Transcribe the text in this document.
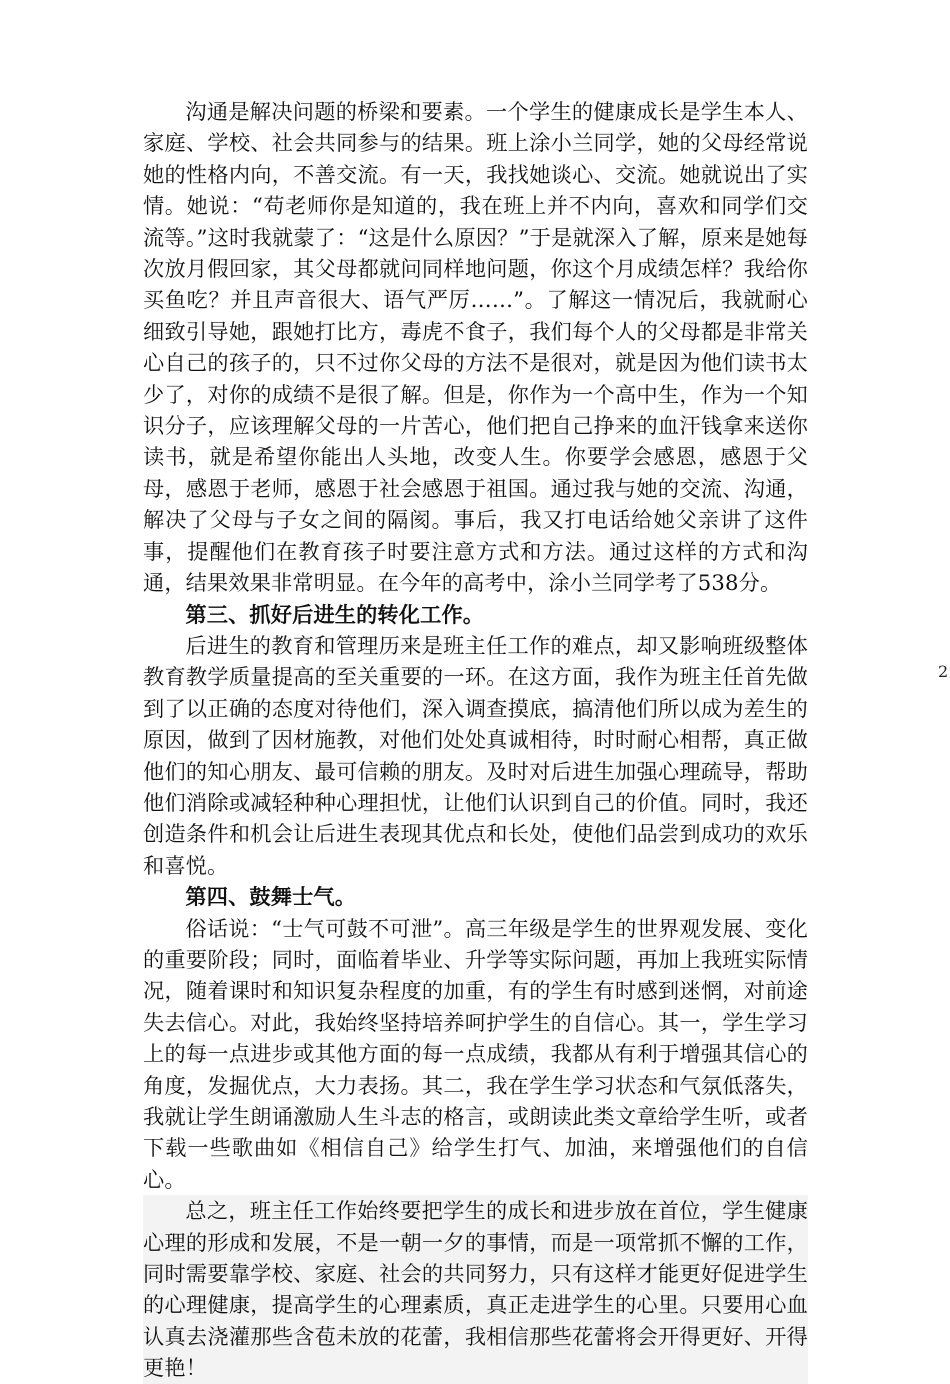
沟通是解决问题的桥梁和要素。一个学生的健康成长是学生本人、家庭、学校、社会共同参与的结果。班上涂小兰同学，她的父母经常说她的性格内向，不善交流。有一天，我找她谈心、交流。她就说出了实情。她说：“苟老师你是知道的，我在班上并不内向，喜欢和同学们交流等。”这时我就蒙了：“这是什么原因？”于是就深入了解，原来是她每次放月假回家，其父母都就问同样地问题，你这个月成绩怎样？我给你买鱼吃？并且声音很大、语气严厉……”。了解这一情况后，我就耐心细致引导她，跟她打比方，毒虎不食子，我们每个人的父母都是非常关心自己的孩子的，只不过你父母的方法不是很对，就是因为他们读书太少了，对你的成绩不是很了解。但是，你作为一个高中生，作为一个知识分子，应该理解父母的一片苦心，他们把自己挣来的血汗钱拿来送你读书，就是希望你能出人头地，改变人生。你要学会感恩，感恩于父母，感恩于老师，感恩于社会感恩于祖国。通过我与她的交流、沟通，解决了父母与子女之间的隔阂。事后，我又打电话给她父亲讲了这件事，提醒他们在教育孩子时要注意方式和方法。通过这样的方式和沟通，结果效果非常明显。在今年的高考中，涂小兰同学考了538分。

第三、抓好后进生的转化工作。

后进生的教育和管理历来是班主任工作的难点，却又影响班级整体教育教学质量提高的至关重要的一环。在这方面，我作为班主任首先做到了以正确的态度对待他们，深入调查摸底，搞清他们所以成为差生的原因，做到了因材施教，对他们处处真诚相待，时时耐心相帮，真正做他们的知心朋友、最可信赖的朋友。及时对后进生加强心理疏导，帮助他们消除或减轻种种心理担忧，让他们认识到自己的价值。同时，我还创造条件和机会让后进生表现其优点和长处，使他们品尝到成功的欢乐和喜悦。

第四、鼓舞士气。

俗话说：“士气可鼓不可泄”。高三年级是学生的世界观发展、变化的重要阶段；同时，面临着毕业、升学等实际问题，再加上我班实际情况，随着课时和知识复杂程度的加重，有的学生有时感到迷惘，对前途失去信心。对此，我始终坚持培养呵护学生的自信心。其一，学生学习上的每一点进步或其他方面的每一点成绩，我都从有利于增强其信心的角度，发掘优点，大力表扬。其二，我在学生学习状态和气氛低落失，我就让学生朗诵激励人生斗志的格言，或朗读此类文章给学生听，或者下载一些歌曲如《相信自己》给学生打气、加油，来增强他们的自信心。

总之，班主任工作始终要把学生的成长和进步放在首位，学生健康心理的形成和发展，不是一朝一夕的事情，而是一项常抓不懈的工作，同时需要靠学校、家庭、社会的共同努力，只有这样才能更好促进学生的心理健康，提高学生的心理素质，真正走进学生的心里。只要用心血认真去浇灌那些含苞未放的花蕾，我相信那些花蕾将会开得更好、开得更艳！

2
